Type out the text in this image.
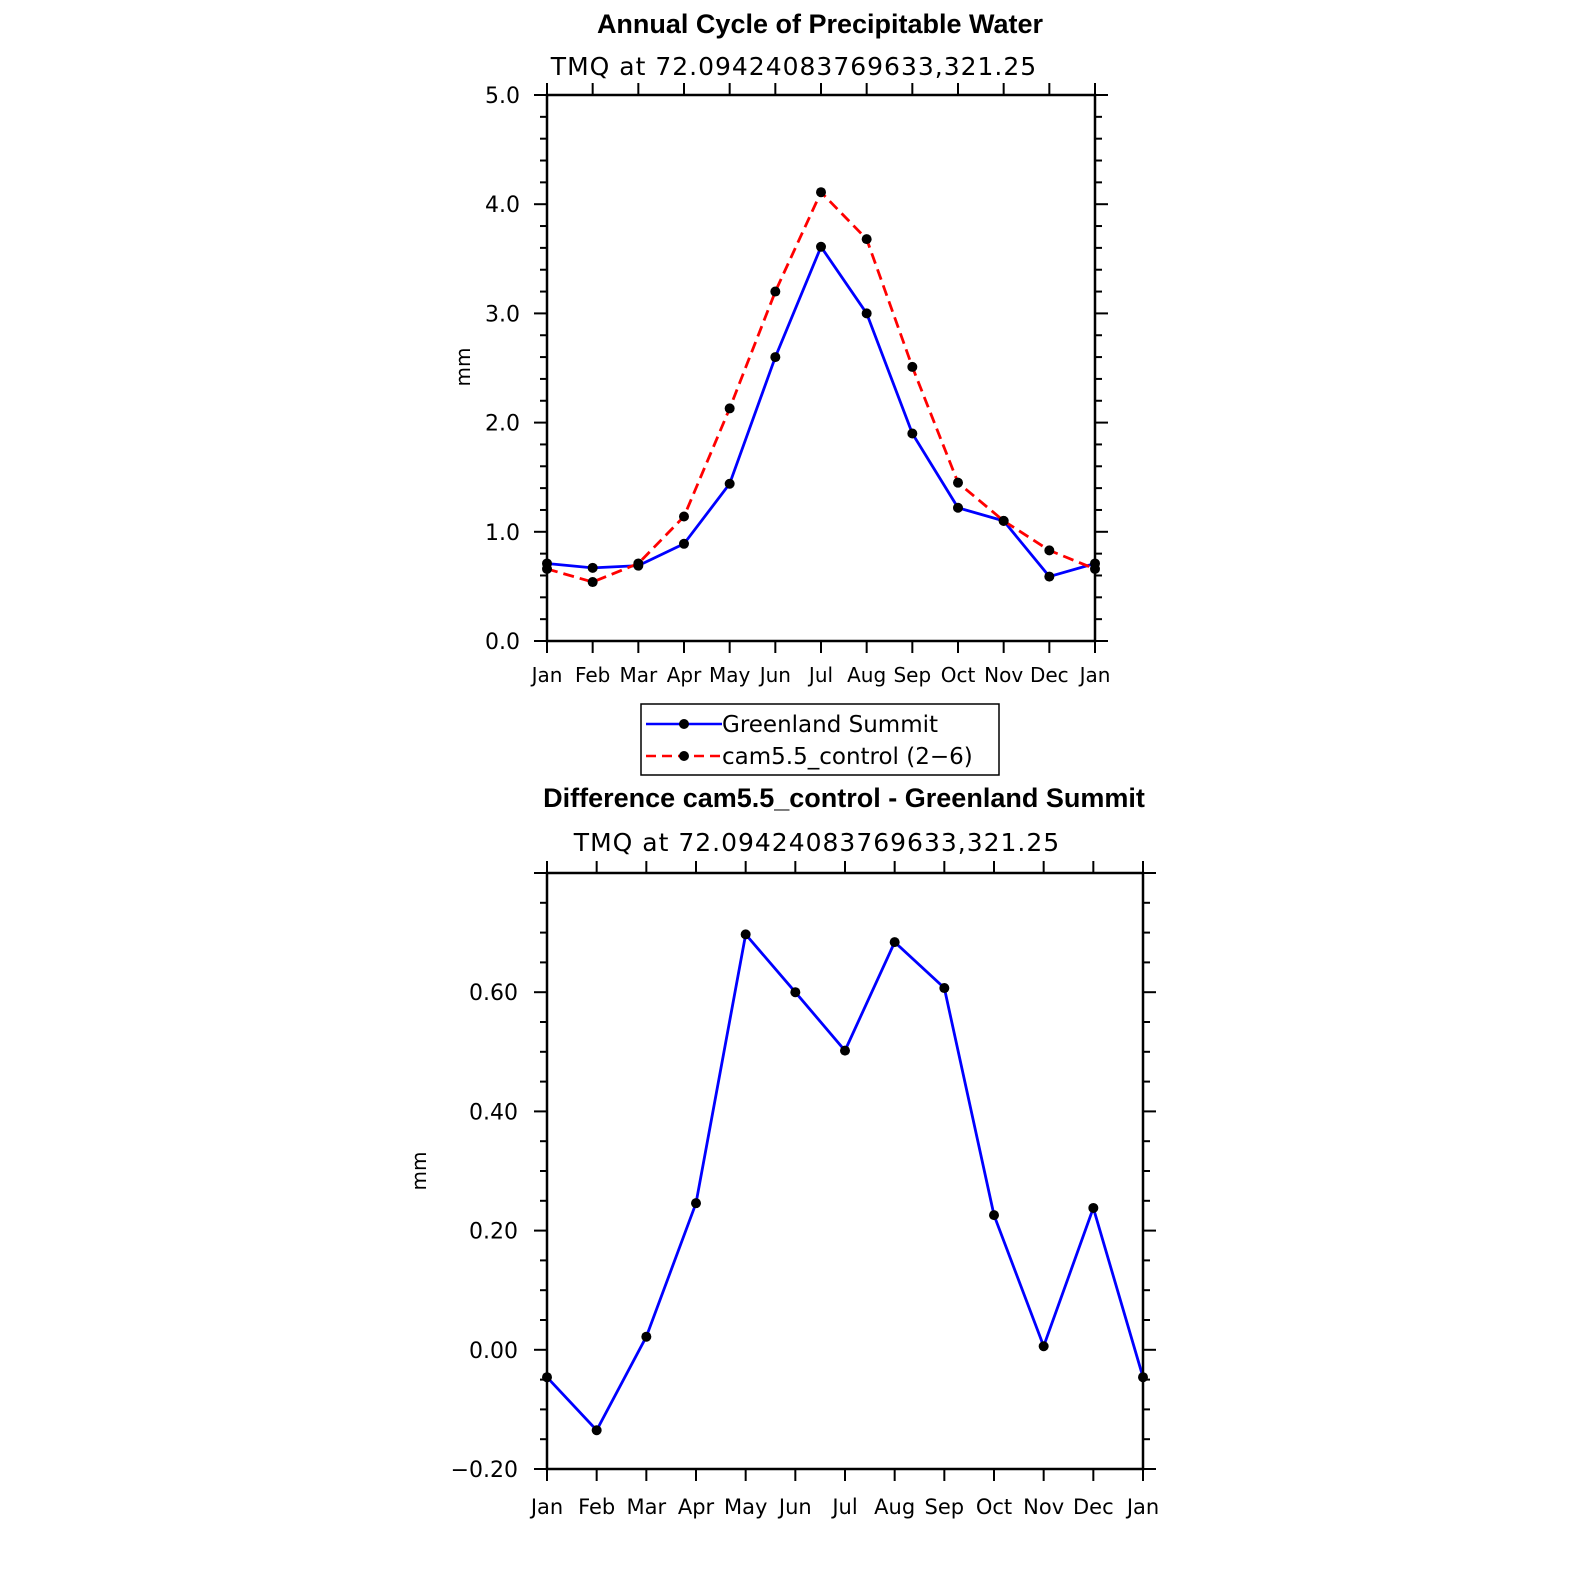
Annual Cycle of Precipitable Water
TMQ at 72.09424083769633,321.25
mm
0.0
1.0
2.0
3.0
4.0
5.0
Jan Feb Mar Apr May Jun Jul Aug Sep Oct Nov Dec Jan
Greenland Summit
cam5.5_control (2−6)
Difference cam5.5_control - Greenland Summit
TMQ at 72.09424083769633,321.25
mm
−0.20
0.00
0.20
0.40
0.60
Jan Feb Mar Apr May Jun Jul Aug Sep Oct Nov Dec Jan
